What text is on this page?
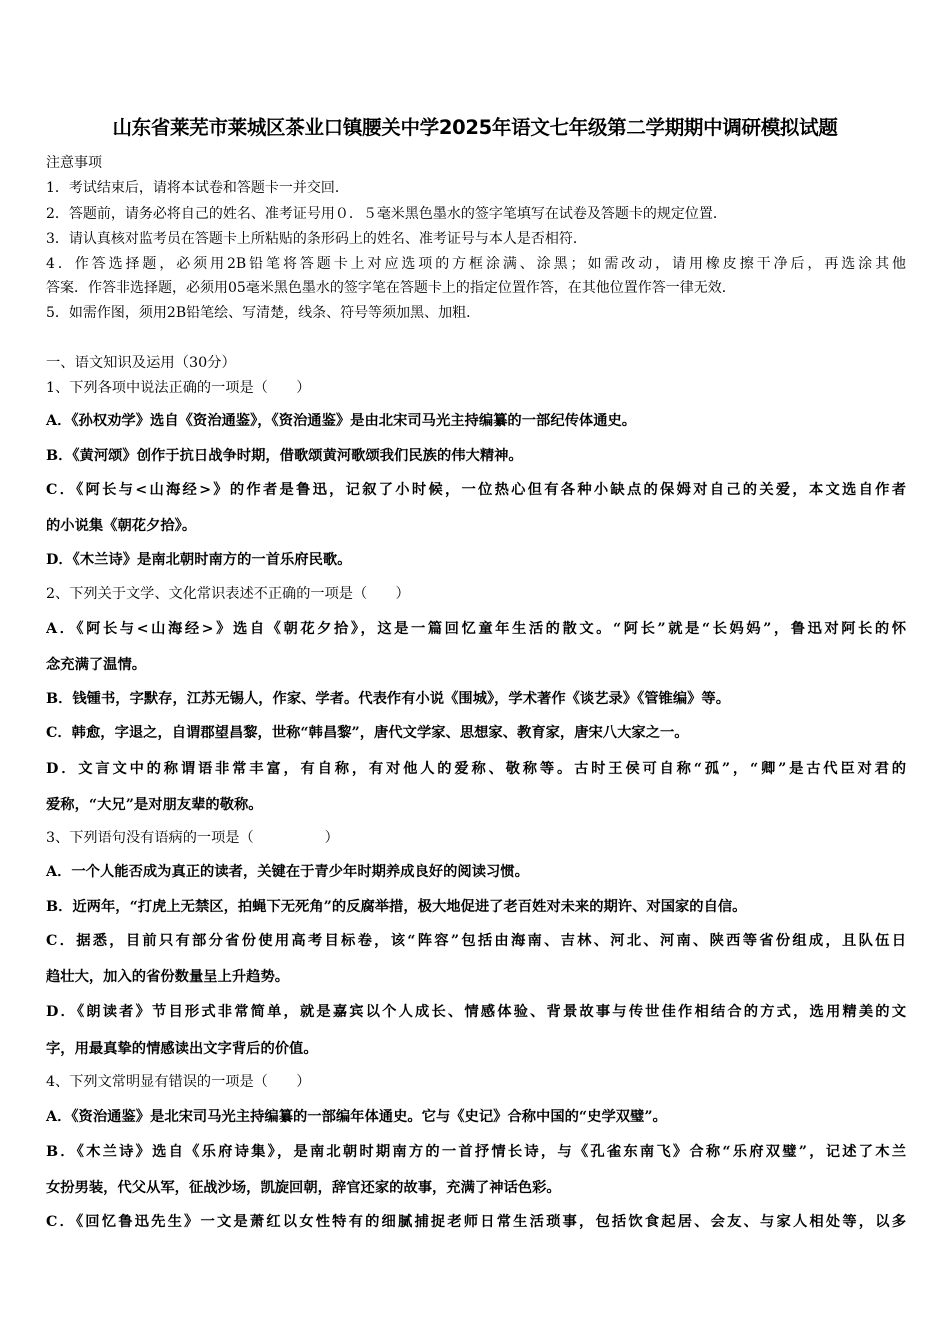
山东省莱芜市莱城区茶业口镇腰关中学2025年语文七年级第二学期期中调研模拟试题
注意事项
1．考试结束后，请将本试卷和答题卡一并交回．
2．答题前，请务必将自己的姓名、准考证号用０．５毫米黑色墨水的签字笔填写在试卷及答题卡的规定位置．
3．请认真核对监考员在答题卡上所粘贴的条形码上的姓名、准考证号与本人是否相符．
4．作答选择题，必须用2B铅笔将答题卡上对应选项的方框涂满、涂黑；如需改动，请用橡皮擦干净后，再选涂其他
答案．作答非选择题，必须用05毫米黑色墨水的签字笔在答题卡上的指定位置作答，在其他位置作答一律无效．
5．如需作图，须用2B铅笔绘、写清楚，线条、符号等须加黑、加粗．
一、语文知识及运用（30分）
1、下列各项中说法正确的一项是（　　）
A．《孙权劝学》选自《资治通鉴》，《资治通鉴》是由北宋司马光主持编纂的一部纪传体通史。
B．《黄河颂》创作于抗日战争时期，借歌颂黄河歌颂我们民族的伟大精神。
C．《阿长与<山海经>》的作者是鲁迅，记叙了小时候，一位热心但有各种小缺点的保姆对自己的关爱，本文选自作者
的小说集《朝花夕拾》。
D．《木兰诗》是南北朝时南方的一首乐府民歌。
2、下列关于文学、文化常识表述不正确的一项是（　　）
A．《阿长与<山海经>》选自《朝花夕拾》，这是一篇回忆童年生活的散文。“阿长”就是“长妈妈”，鲁迅对阿长的怀
念充满了温情。
B．钱锺书，字默存，江苏无锡人，作家、学者。代表作有小说《围城》，学术著作《谈艺录》《管锥编》等。
C．韩愈，字退之，自谓郡望昌黎，世称“韩昌黎”，唐代文学家、思想家、教育家，唐宋八大家之一。
D．文言文中的称谓语非常丰富，有自称，有对他人的爱称、敬称等。古时王侯可自称“孤”，“卿”是古代臣对君的
爱称，“大兄”是对朋友辈的敬称。
3、下列语句没有语病的一项是（　　　　　）
A．一个人能否成为真正的读者，关键在于青少年时期养成良好的阅读习惯。
B．近两年，“打虎上无禁区，拍蝇下无死角”的反腐举措，极大地促进了老百姓对未来的期许、对国家的自信。
C．据悉，目前只有部分省份使用高考目标卷，该“阵容”包括由海南、吉林、河北、河南、陕西等省份组成，且队伍日
趋壮大，加入的省份数量呈上升趋势。
D．《朗读者》节目形式非常简单，就是嘉宾以个人成长、情感体验、背景故事与传世佳作相结合的方式，选用精美的文
字，用最真挚的情感读出文字背后的价值。
4、下列文常明显有错误的一项是（　　）
A．《资治通鉴》是北宋司马光主持编纂的一部编年体通史。它与《史记》合称中国的“史学双璧”。
B．《木兰诗》选自《乐府诗集》，是南北朝时期南方的一首抒情长诗，与《孔雀东南飞》合称“乐府双璧”，记述了木兰
女扮男装，代父从军，征战沙场，凯旋回朝，辞官还家的故事，充满了神话色彩。
C．《回忆鲁迅先生》一文是萧红以女性特有的细腻捕捉老师日常生活琐事，包括饮食起居、会友、与家人相处等，以多
